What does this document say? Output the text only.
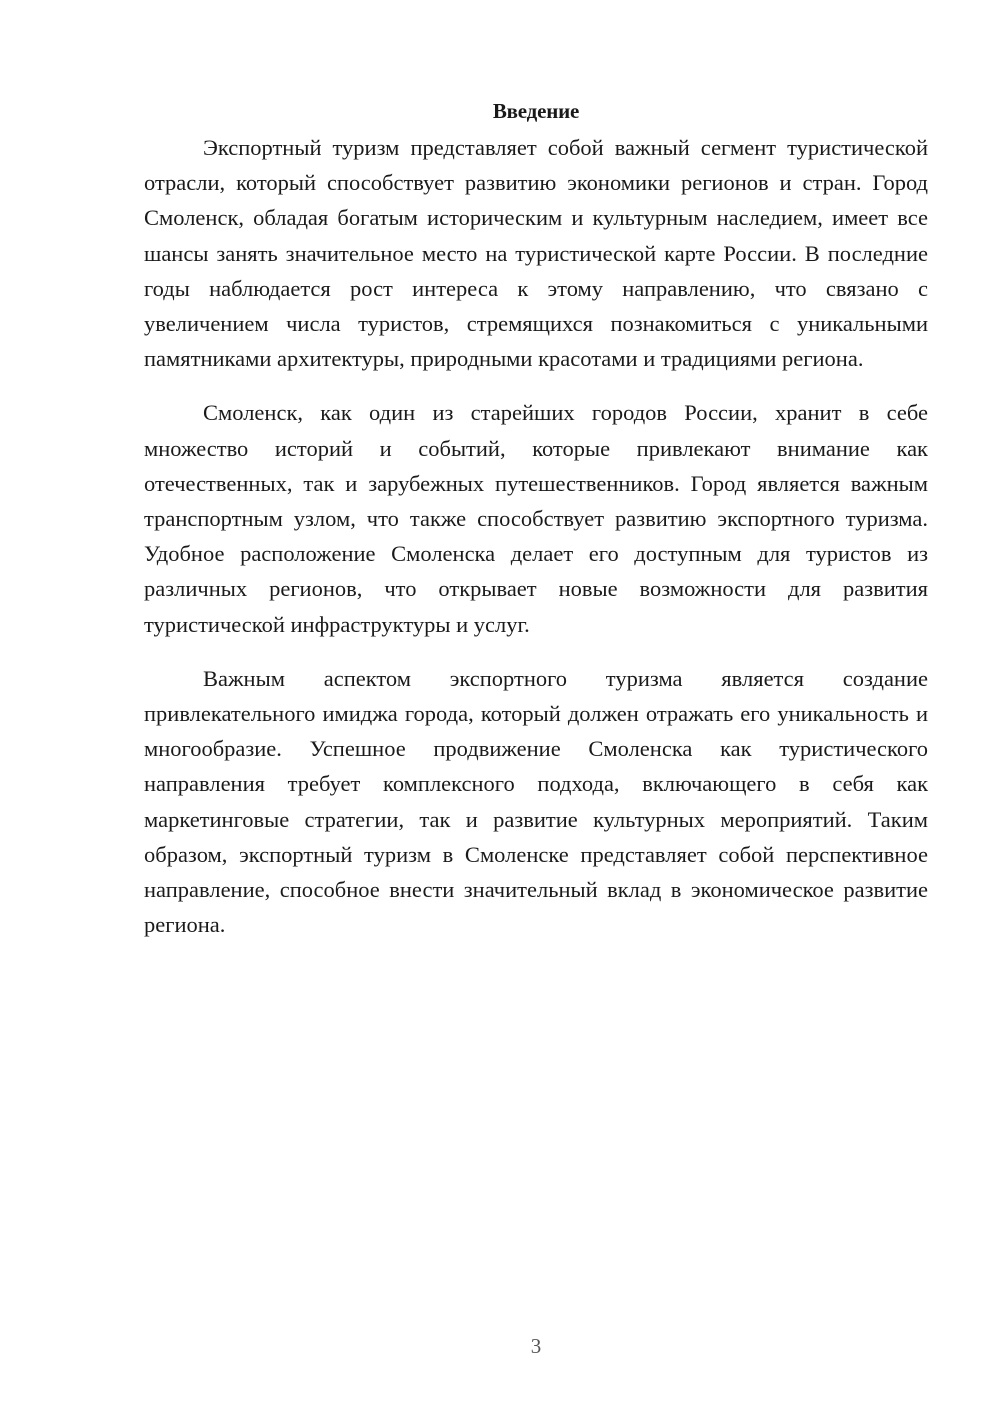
Введение

Экспортный туризм представляет собой важный сегмент туристической отрасли, который способствует развитию экономики регионов и стран. Город Смоленск, обладая богатым историческим и культурным наследием, имеет все шансы занять значительное место на туристической карте России. В последние годы наблюдается рост интереса к этому направлению, что связано с увеличением числа туристов, стремящихся познакомиться с уникальными памятниками архитектуры, природными красотами и традициями региона.

Смоленск, как один из старейших городов России, хранит в себе множество историй и событий, которые привлекают внимание как отечественных, так и зарубежных путешественников. Город является важным транспортным узлом, что также способствует развитию экспортного туризма. Удобное расположение Смоленска делает его доступным для туристов из различных регионов, что открывает новые возможности для развития туристической инфраструктуры и услуг.

Важным аспектом экспортного туризма является создание привлекательного имиджа города, который должен отражать его уникальность и многообразие. Успешное продвижение Смоленска как туристического направления требует комплексного подхода, включающего в себя как маркетинговые стратегии, так и развитие культурных мероприятий. Таким образом, экспортный туризм в Смоленске представляет собой перспективное направление, способное внести значительный вклад в экономическое развитие региона.

3
